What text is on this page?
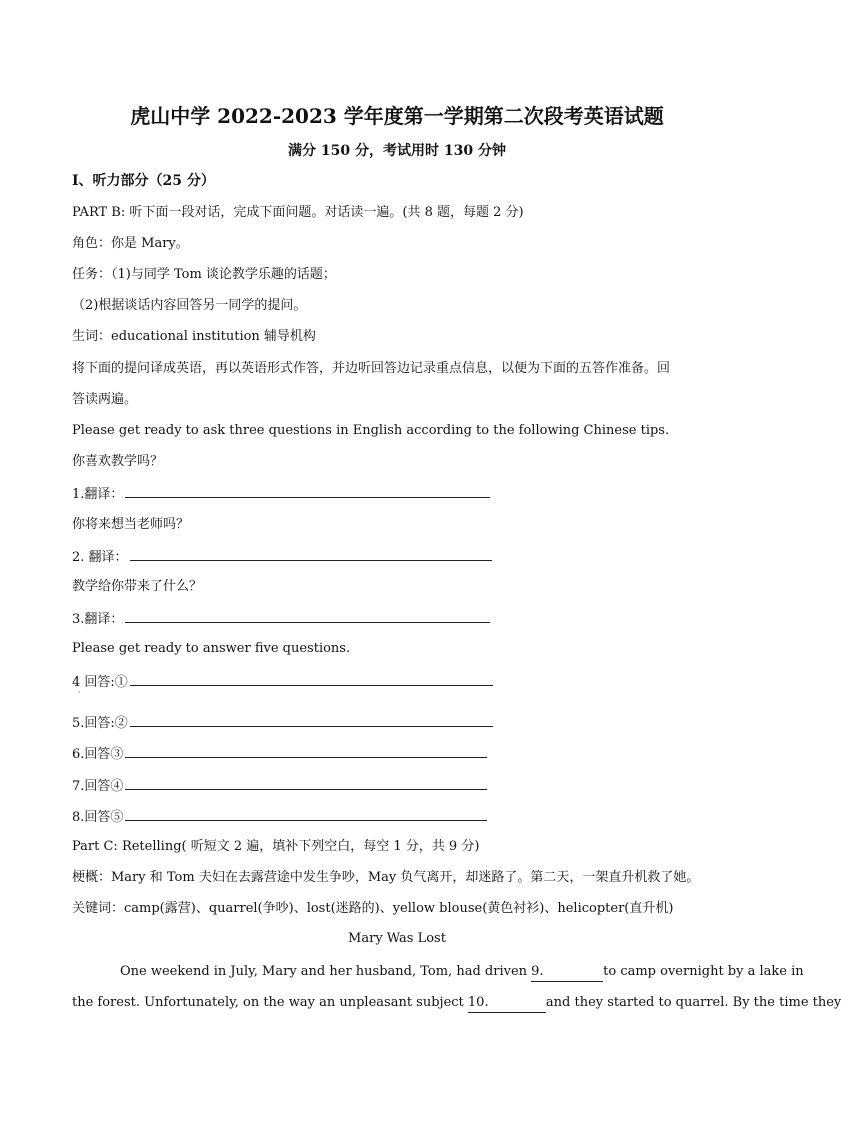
虎山中学 2022-2023 学年度第一学期第二次段考英语试题
满分 150 分，考试用时 130 分钟
I、听力部分（25 分）
PART B: 听下面一段对话，完成下面问题。对话读一遍。(共 8 题，每题 2 分)
角色：你是 Mary。
任务：（1)与同学 Tom 谈论教学乐趣的话题；
（2)根据谈话内容回答另一同学的提问。
生词：educational institution 辅导机构
将下面的提问译成英语，再以英语形式作答，并边听回答边记录重点信息，以便为下面的五答作准备。回
答读两遍。
Please get ready to ask three questions in English according to the following Chinese tips.
你喜欢教学吗？
1.翻译：
你将来想当老师吗？
2. 翻译：
教学给你带来了什么？
3.翻译：
Please get ready to answer five questions.
4 回答:①
·
5.回答:②
6.回答③
7.回答④
8.回答⑤
Part C: Retelling( 听短文 2 遍，填补下列空白，每空 1 分，共 9 分)
梗概：Mary 和 Tom 夫妇在去露营途中发生争吵，May 负气离开，却迷路了。第二天，一架直升机救了她。
关键词：camp(露营)、quarrel(争吵)、lost(迷路的)、yellow blouse(黄色衬衫)、helicopter(直升机)
Mary Was Lost
One weekend in July, Mary and her husband, Tom, had driven 9.	to camp overnight by a lake in
the forest. Unfortunately, on the way an unpleasant subject 10.	and they started to quarrel. By the time they
